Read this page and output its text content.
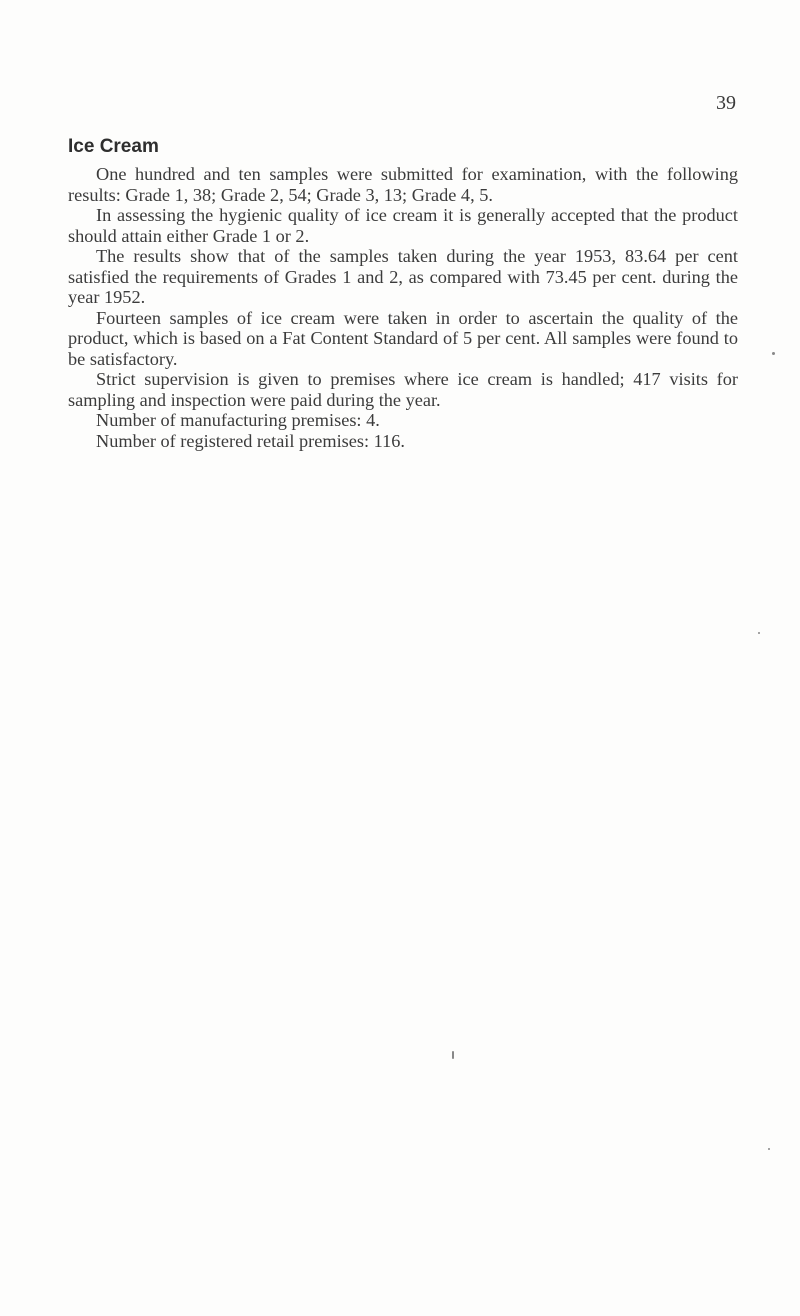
39
Ice Cream

One hundred and ten samples were submitted for examination, with the following results: Grade 1, 38; Grade 2, 54; Grade 3, 13; Grade 4, 5.

In assessing the hygienic quality of ice cream it is generally accepted that the product should attain either Grade 1 or 2.

The results show that of the samples taken during the year 1953, 83.64 per cent satisfied the requirements of Grades 1 and 2, as compared with 73.45 per cent. during the year 1952.

Fourteen samples of ice cream were taken in order to ascertain the quality of the product, which is based on a Fat Content Standard of 5 per cent. All samples were found to be satisfactory.

Strict supervision is given to premises where ice cream is handled; 417 visits for sampling and inspection were paid during the year.

Number of manufacturing premises: 4.

Number of registered retail premises: 116.
